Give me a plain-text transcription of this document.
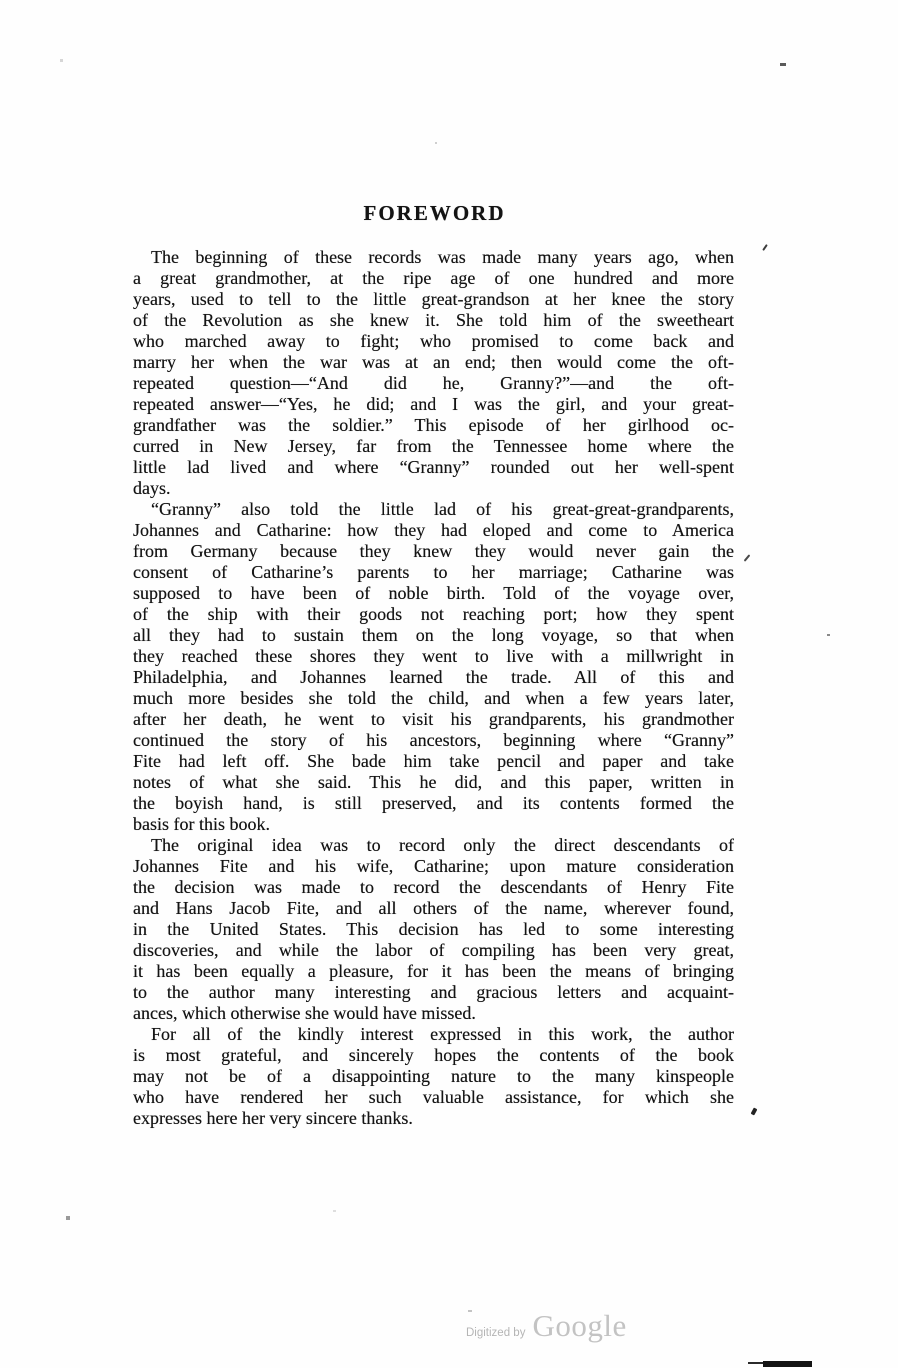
FOREWORD
The beginning of these records was made many years ago, when
a great grandmother, at the ripe age of one hundred and more
years, used to tell to the little great-grandson at her knee the story
of the Revolution as she knew it. She told him of the sweetheart
who marched away to fight; who promised to come back and
marry her when the war was at an end; then would come the oft-
repeated question—“And did he, Granny?”—and the oft-
repeated answer—“Yes, he did; and I was the girl, and your great-
grandfather was the soldier.” This episode of her girlhood oc-
curred in New Jersey, far from the Tennessee home where the
little lad lived and where “Granny” rounded out her well-spent
days.
“Granny” also told the little lad of his great-great-grandparents,
Johannes and Catharine: how they had eloped and come to America
from Germany because they knew they would never gain the
consent of Catharine’s parents to her marriage; Catharine was
supposed to have been of noble birth. Told of the voyage over,
of the ship with their goods not reaching port; how they spent
all they had to sustain them on the long voyage, so that when
they reached these shores they went to live with a millwright in
Philadelphia, and Johannes learned the trade. All of this and
much more besides she told the child, and when a few years later,
after her death, he went to visit his grandparents, his grandmother
continued the story of his ancestors, beginning where “Granny”
Fite had left off. She bade him take pencil and paper and take
notes of what she said. This he did, and this paper, written in
the boyish hand, is still preserved, and its contents formed the
basis for this book.
The original idea was to record only the direct descendants of
Johannes Fite and his wife, Catharine; upon mature consideration
the decision was made to record the descendants of Henry Fite
and Hans Jacob Fite, and all others of the name, wherever found,
in the United States. This decision has led to some interesting
discoveries, and while the labor of compiling has been very great,
it has been equally a pleasure, for it has been the means of bringing
to the author many interesting and gracious letters and acquaint-
ances, which otherwise she would have missed.
For all of the kindly interest expressed in this work, the author
is most grateful, and sincerely hopes the contents of the book
may not be of a disappointing nature to the many kinspeople
who have rendered her such valuable assistance, for which she
expresses here her very sincere thanks.
Digitized by Google
